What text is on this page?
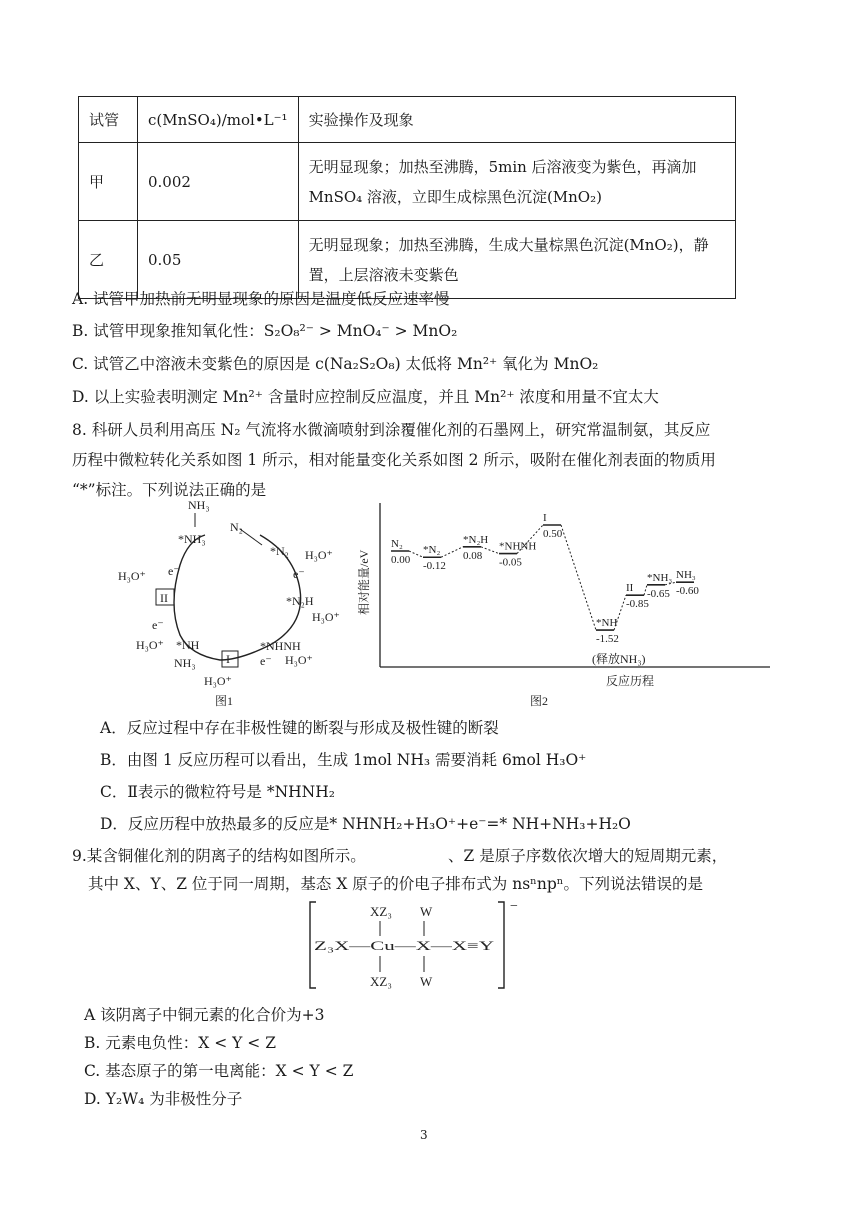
试管	c(MnSO₄)/mol•L⁻¹	实验操作及现象
甲	0.002	无明显现象；加热至沸腾，5min 后溶液变为紫色，再滴加
MnSO₄ 溶液，立即生成棕黑色沉淀(MnO₂)

乙	0.05	无明显现象；加热至沸腾，生成大量棕黑色沉淀(MnO₂)，静
置，上层溶液未变紫色
A. 试管甲加热前无明显现象的原因是温度低反应速率慢
B. 试管甲现象推知氧化性：S₂O₈²⁻ > MnO₄⁻ > MnO₂
C. 试管乙中溶液未变紫色的原因是 c(Na₂S₂O₈) 太低将 Mn²⁺ 氧化为 MnO₂
D. 以上实验表明测定 Mn²⁺ 含量时应控制反应温度，并且 Mn²⁺ 浓度和用量不宜太大
8. 科研人员利用高压 N₂ 气流将水微滴喷射到涂覆催化剂的石墨网上，研究常温制氨，其反应
历程中微粒转化关系如图 1 所示，相对能量变化关系如图 2 所示，吸附在催化剂表面的物质用
“*”标注。下列说法正确的是
NH₃
*NH₃
N₂
*N₂ H₃O⁺
e⁻
*N₂H
H₃O⁺
*NHNH
e⁻ H₃O⁺
I
H₃O⁺
NH₃
*NH
H₃O⁺
e⁻
II
H₃O⁺ e⁻
图1
相对能量/eV
反应历程
(释放NH₃)
图2
N₂
0.00
*N₂
-0.12
*N₂H
0.08
*NHNH
-0.05
I
0.50
*NH
-1.52
II
-0.85
*NH₃
-0.65
NH₃
-0.60
A．反应过程中存在非极性键的断裂与形成及极性键的断裂
B．由图 1 反应历程可以看出，生成 1mol NH₃ 需要消耗 6mol H₃O⁺
C．Ⅱ表示的微粒符号是 *NHNH₂
D．反应历程中放热最多的反应是* NHNH₂+H₃O⁺+e⁻=* NH+NH₃+H₂O
9.某含铜催化剂的阴离子的结构如图所示。	、Z 是原子序数依次增大的短周期元素，
其中 X、Y、Z 位于同一周期，基态 X 原子的价电子排布式为 nsⁿnpⁿ。下列说法错误的是
−
XZ₃ W
Z₃X—Cu—X—X≡Y
XZ₃ W
A 该阴离子中铜元素的化合价为+3
B. 元素电负性：X < Y < Z
C. 基态原子的第一电离能：X < Y < Z
D. Y₂W₄ 为非极性分子
3
